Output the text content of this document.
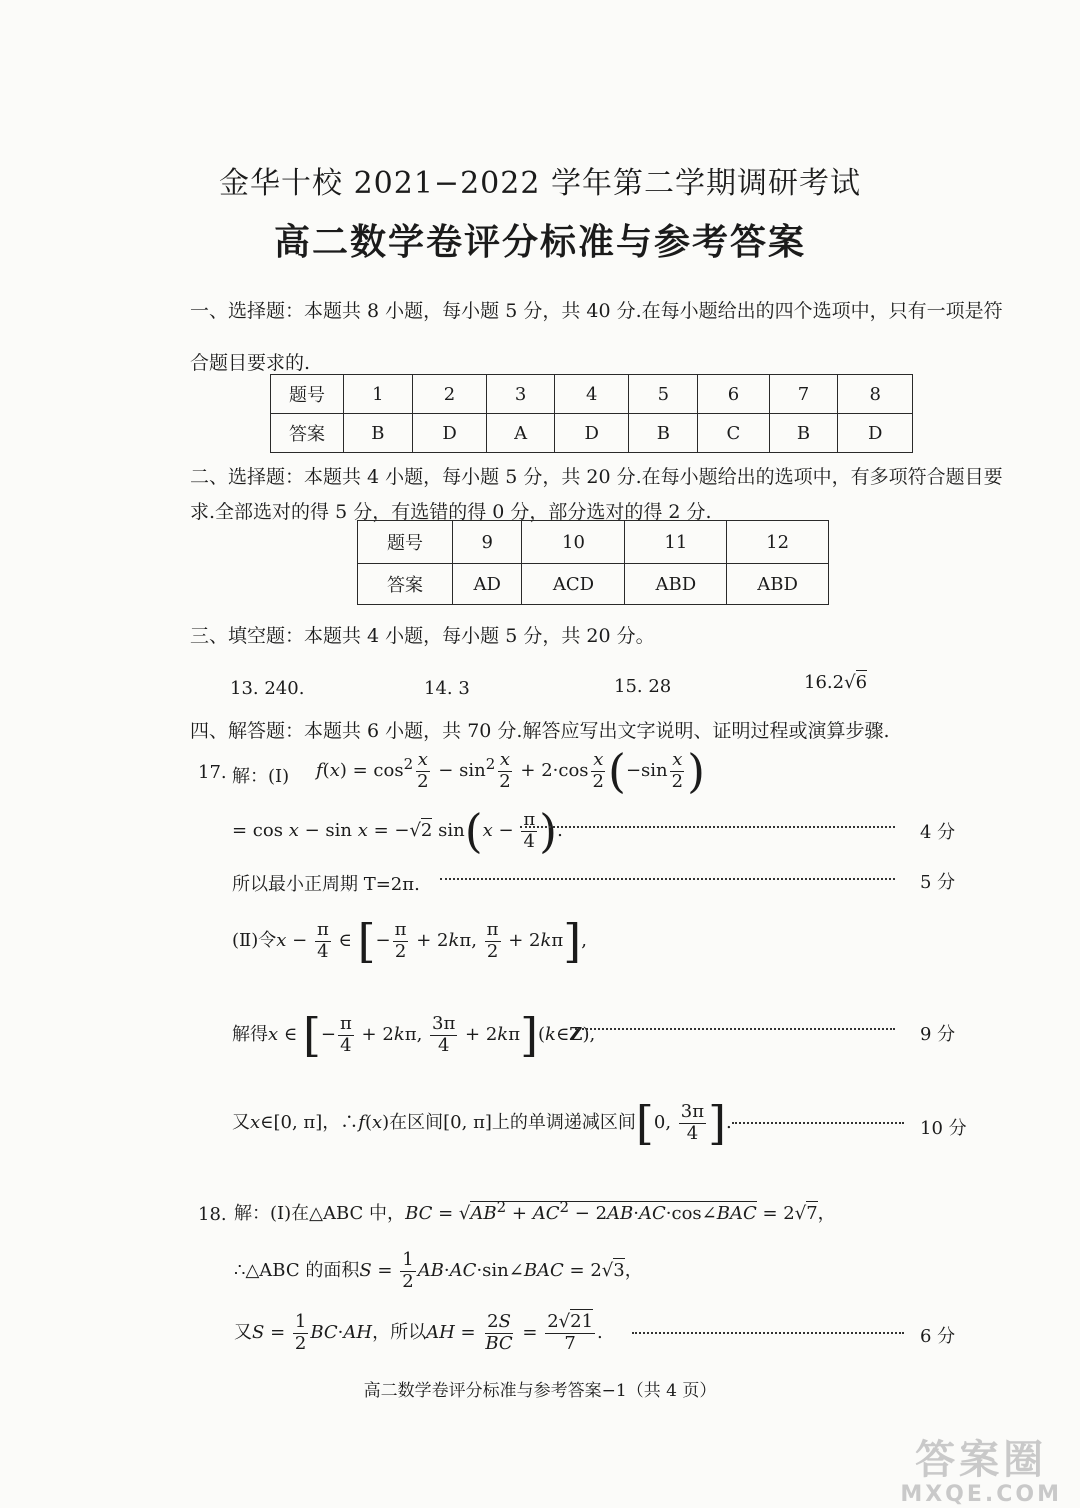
金华十校 2021−2022 学年第二学期调研考试
高二数学卷评分标准与参考答案
一、选择题：本题共 8 小题，每小题 5 分，共 40 分.在每小题给出的四个选项中，只有一项是符
合题目要求的.
题号	1	2	3	4	5	6	7	8
答案	B	D	A	D	B	C	B	D
二、选择题：本题共 4 小题，每小题 5 分，共 20 分.在每小题给出的选项中，有多项符合题目要
求.全部选对的得 5 分，有选错的得 0 分，部分选对的得 2 分.
题号	9	10	11	12
答案	AD	ACD	ABD	ABD
三、填空题：本题共 4 小题，每小题 5 分，共 20 分。
13. 240.	14. 3	15. 28	16.2√6
四、解答题：本题共 6 小题，共 70 分.解答应写出文字说明、证明过程或演算步骤.
17. 解：(Ⅰ) $f(x) = \cos^2 \frac{x}{2} - \sin^2 \frac{x}{2} + 2\cdot\cos \frac{x}{2} (-\sin \frac{x}{2}$ )
= cos x − sin x = −√2 $\sin(x - \frac{\pi}{4}$ ).	4 分
所以最小正周期 T=2π.	5 分
(Ⅱ)令$x - \frac{\pi}{4}$ ∈ [− $\frac{\pi}{2} + 2k\pi$, $\frac{\pi}{2} + 2k\pi$],
解得x ∈ [− $\frac{\pi}{4} + 2k\pi$, $\frac{3\pi}{4}$ + 2kπ](k∈Z),	9 分
又x∈[0, π]，∴f(x)在区间[0, π]上的单调递减区间[0, $\frac{3\pi}{4}$ ].	10 分
18. 解：(Ⅰ)在△ABC 中，BC = $√AB^2 + AC^2$ − 2AB·AC·cos∠BAC = 2√7，
∴△ABC 的面积$S = \frac{1}{2}$ AB·AC·sin∠BAC = 2√3，
又$S = \frac{1}{2} BC\cdot AH$，所以AH = $\frac{2S}{BC} = \frac{2√21}{7}$ .	6 分
高二数学卷评分标准与参考答案−1（共 4 页）
答案圈
MXQE.COM
